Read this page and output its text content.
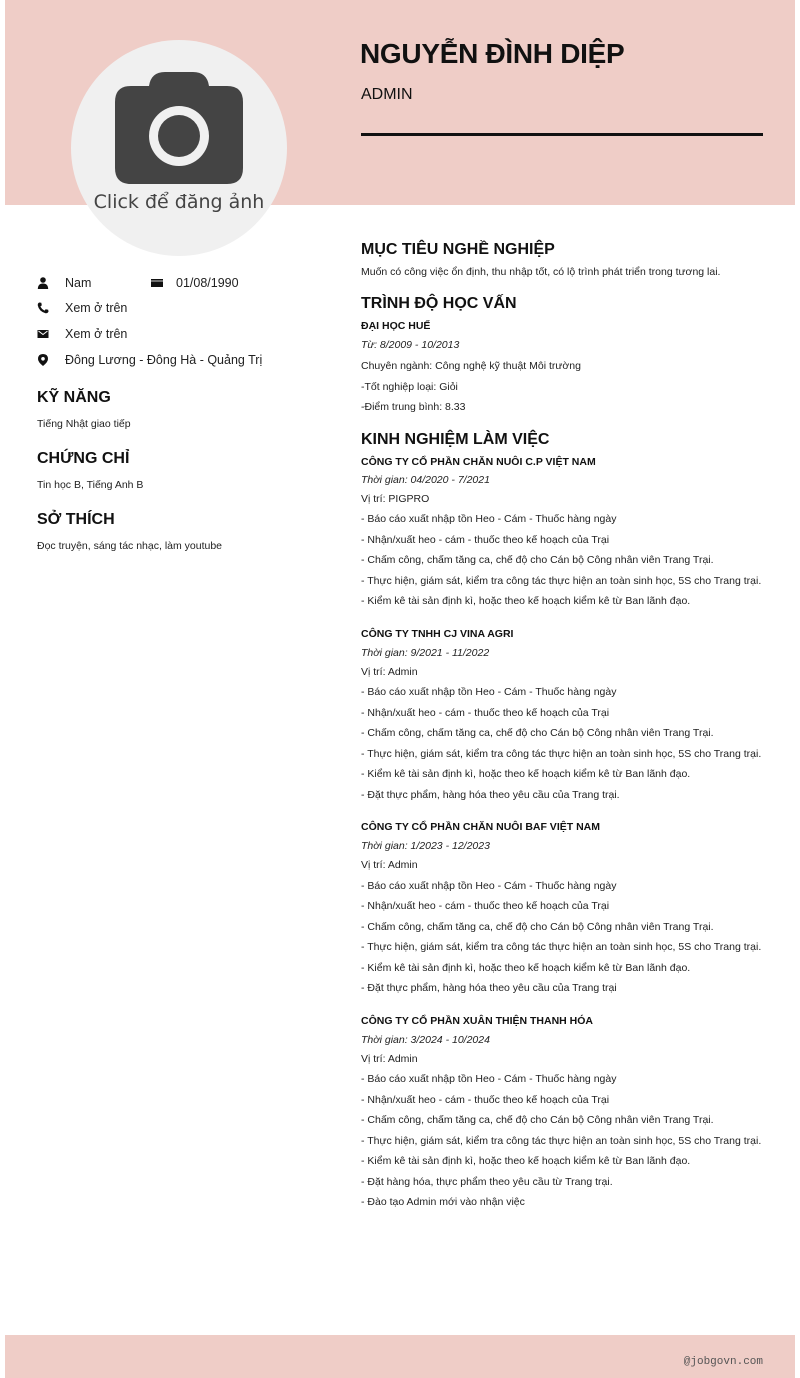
Click để đăng ảnh
NGUYỄN ĐÌNH DIỆP
ADMIN
Nam	01/08/1990
Xem ở trên
Xem ở trên
Đông Lương - Đông Hà - Quảng Trị
KỸ NĂNG
Tiếng Nhật giao tiếp
CHỨNG CHỈ
Tin học B, Tiếng Anh B
SỞ THÍCH
Đọc truyện, sáng tác nhạc, làm youtube
MỤC TIÊU NGHỀ NGHIỆP
Muốn có công việc ổn định, thu nhập tốt, có lộ trình phát triển trong tương lai.
TRÌNH ĐỘ HỌC VẤN
ĐẠI HỌC HUẾ
Từ: 8/2009 - 10/2013
Chuyên ngành: Công nghệ kỹ thuật Môi trường
-Tốt nghiệp loại: Giỏi
-Điểm trung bình: 8.33
KINH NGHIỆM LÀM VIỆC
CÔNG TY CỔ PHẦN CHĂN NUÔI C.P VIỆT NAM
Thời gian: 04/2020 - 7/2021
Vị trí: PIGPRO
- Báo cáo xuất nhập tồn Heo - Cám - Thuốc hàng ngày
- Nhận/xuất heo - cám - thuốc theo kế hoạch của Trại
- Chấm công, chấm tăng ca, chế độ cho Cán bộ Công nhân viên Trang Trại.
- Thực hiện, giám sát, kiểm tra công tác thực hiện an toàn sinh học, 5S cho Trang trại.
- Kiểm kê tài sản định kì, hoặc theo kế hoạch kiểm kê từ Ban lãnh đạo.
CÔNG TY TNHH CJ VINA AGRI
Thời gian: 9/2021 - 11/2022
Vị trí: Admin
- Báo cáo xuất nhập tồn Heo - Cám - Thuốc hàng ngày
- Nhận/xuất heo - cám - thuốc theo kế hoạch của Trại
- Chấm công, chấm tăng ca, chế độ cho Cán bộ Công nhân viên Trang Trại.
- Thực hiện, giám sát, kiểm tra công tác thực hiện an toàn sinh học, 5S cho Trang trại.
- Kiểm kê tài sản định kì, hoặc theo kế hoạch kiểm kê từ Ban lãnh đạo.
- Đặt thực phẩm, hàng hóa theo yêu cầu của Trang trại.
CÔNG TY CỔ PHẦN CHĂN NUÔI BAF VIỆT NAM
Thời gian: 1/2023 - 12/2023
Vị trí: Admin
- Báo cáo xuất nhập tồn Heo - Cám - Thuốc hàng ngày
- Nhận/xuất heo - cám - thuốc theo kế hoạch của Trại
- Chấm công, chấm tăng ca, chế độ cho Cán bộ Công nhân viên Trang Trại.
- Thực hiện, giám sát, kiểm tra công tác thực hiện an toàn sinh học, 5S cho Trang trại.
- Kiểm kê tài sản định kì, hoặc theo kế hoạch kiểm kê từ Ban lãnh đạo.
- Đặt thực phẩm, hàng hóa theo yêu cầu của Trang trại
CÔNG TY CỔ PHẦN XUÂN THIỆN THANH HÓA
Thời gian: 3/2024 - 10/2024
Vị trí: Admin
- Báo cáo xuất nhập tồn Heo - Cám - Thuốc hàng ngày
- Nhận/xuất heo - cám - thuốc theo kế hoạch của Trại
- Chấm công, chấm tăng ca, chế độ cho Cán bộ Công nhân viên Trang Trại.
- Thực hiện, giám sát, kiểm tra công tác thực hiện an toàn sinh học, 5S cho Trang trại.
- Kiểm kê tài sản định kì, hoặc theo kế hoạch kiểm kê từ Ban lãnh đạo.
- Đặt hàng hóa, thực phẩm theo yêu cầu từ Trang trại.
- Đào tạo Admin mới vào nhận việc
@jobgovn.com
